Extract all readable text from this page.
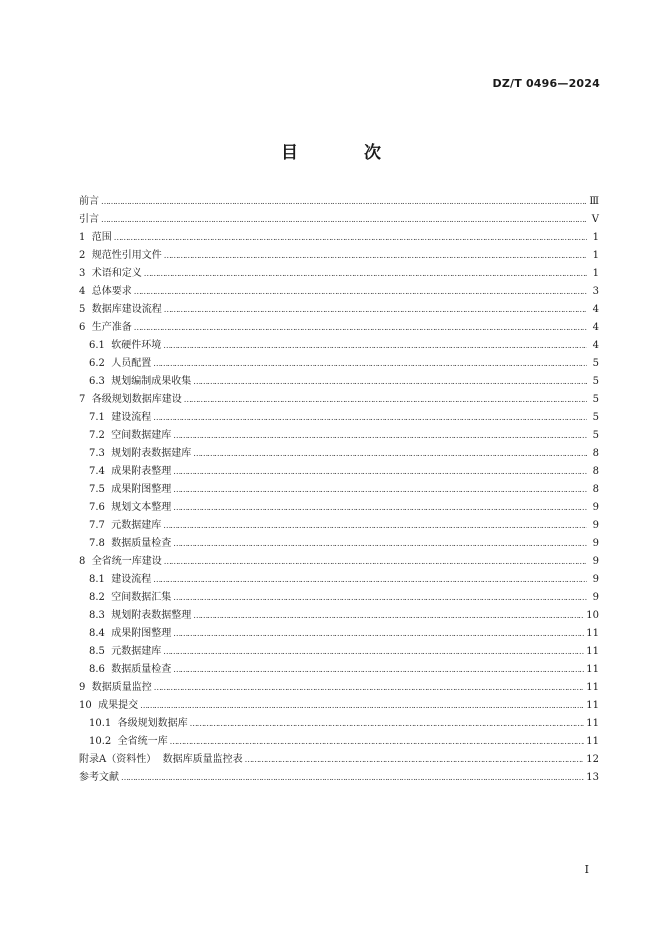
DZ/T 0496—2024
目 次
前言 ……………………………………………………………………………………………………………………………………………………………………………………………………………………………………	Ⅲ
引言 ……………………………………………………………………………………………………………………………………………………………………………………………………………………………………	Ⅴ
1 范围 ……………………………………………………………………………………………………………………………………………………………………………………………………………………………………	1
2 规范性引用文件 ……………………………………………………………………………………………………………………………………………………………………………………………………………………………………	1
3 术语和定义 ……………………………………………………………………………………………………………………………………………………………………………………………………………………………………	1
4 总体要求 ……………………………………………………………………………………………………………………………………………………………………………………………………………………………………	3
5 数据库建设流程 ……………………………………………………………………………………………………………………………………………………………………………………………………………………………………	4
6 生产准备 ……………………………………………………………………………………………………………………………………………………………………………………………………………………………………	4
6.1 软硬件环境 ……………………………………………………………………………………………………………………………………………………………………………………………………………………………………	4
6.2 人员配置 ……………………………………………………………………………………………………………………………………………………………………………………………………………………………………	5
6.3 规划编制成果收集 ……………………………………………………………………………………………………………………………………………………………………………………………………………………………………	5
7 各级规划数据库建设 ……………………………………………………………………………………………………………………………………………………………………………………………………………………………………	5
7.1 建设流程 ……………………………………………………………………………………………………………………………………………………………………………………………………………………………………	5
7.2 空间数据建库 ……………………………………………………………………………………………………………………………………………………………………………………………………………………………………	5
7.3 规划附表数据建库 ……………………………………………………………………………………………………………………………………………………………………………………………………………………………………	8
7.4 成果附表整理 ……………………………………………………………………………………………………………………………………………………………………………………………………………………………………	8
7.5 成果附图整理 ……………………………………………………………………………………………………………………………………………………………………………………………………………………………………	8
7.6 规划文本整理 ……………………………………………………………………………………………………………………………………………………………………………………………………………………………………	9
7.7 元数据建库 ……………………………………………………………………………………………………………………………………………………………………………………………………………………………………	9
7.8 数据质量检查 ……………………………………………………………………………………………………………………………………………………………………………………………………………………………………	9
8 全省统一库建设 ……………………………………………………………………………………………………………………………………………………………………………………………………………………………………	9
8.1 建设流程 ……………………………………………………………………………………………………………………………………………………………………………………………………………………………………	9
8.2 空间数据汇集 ……………………………………………………………………………………………………………………………………………………………………………………………………………………………………	9
8.3 规划附表数据整理 ……………………………………………………………………………………………………………………………………………………………………………………………………………………………………	10
8.4 成果附图整理 ……………………………………………………………………………………………………………………………………………………………………………………………………………………………………	11
8.5 元数据建库 ……………………………………………………………………………………………………………………………………………………………………………………………………………………………………	11
8.6 数据质量检查 ……………………………………………………………………………………………………………………………………………………………………………………………………………………………………	11
9 数据质量监控 ……………………………………………………………………………………………………………………………………………………………………………………………………………………………………	11
10 成果提交 ……………………………………………………………………………………………………………………………………………………………………………………………………………………………………	11
10.1 各级规划数据库 ……………………………………………………………………………………………………………………………………………………………………………………………………………………………………	11
10.2 全省统一库 ……………………………………………………………………………………………………………………………………………………………………………………………………………………………………	11
附录A（资料性）  数据库质量监控表 ……………………………………………………………………………………………………………………………………………………………………………………………………………………………………	12
参考文献 ……………………………………………………………………………………………………………………………………………………………………………………………………………………………………	13
I
